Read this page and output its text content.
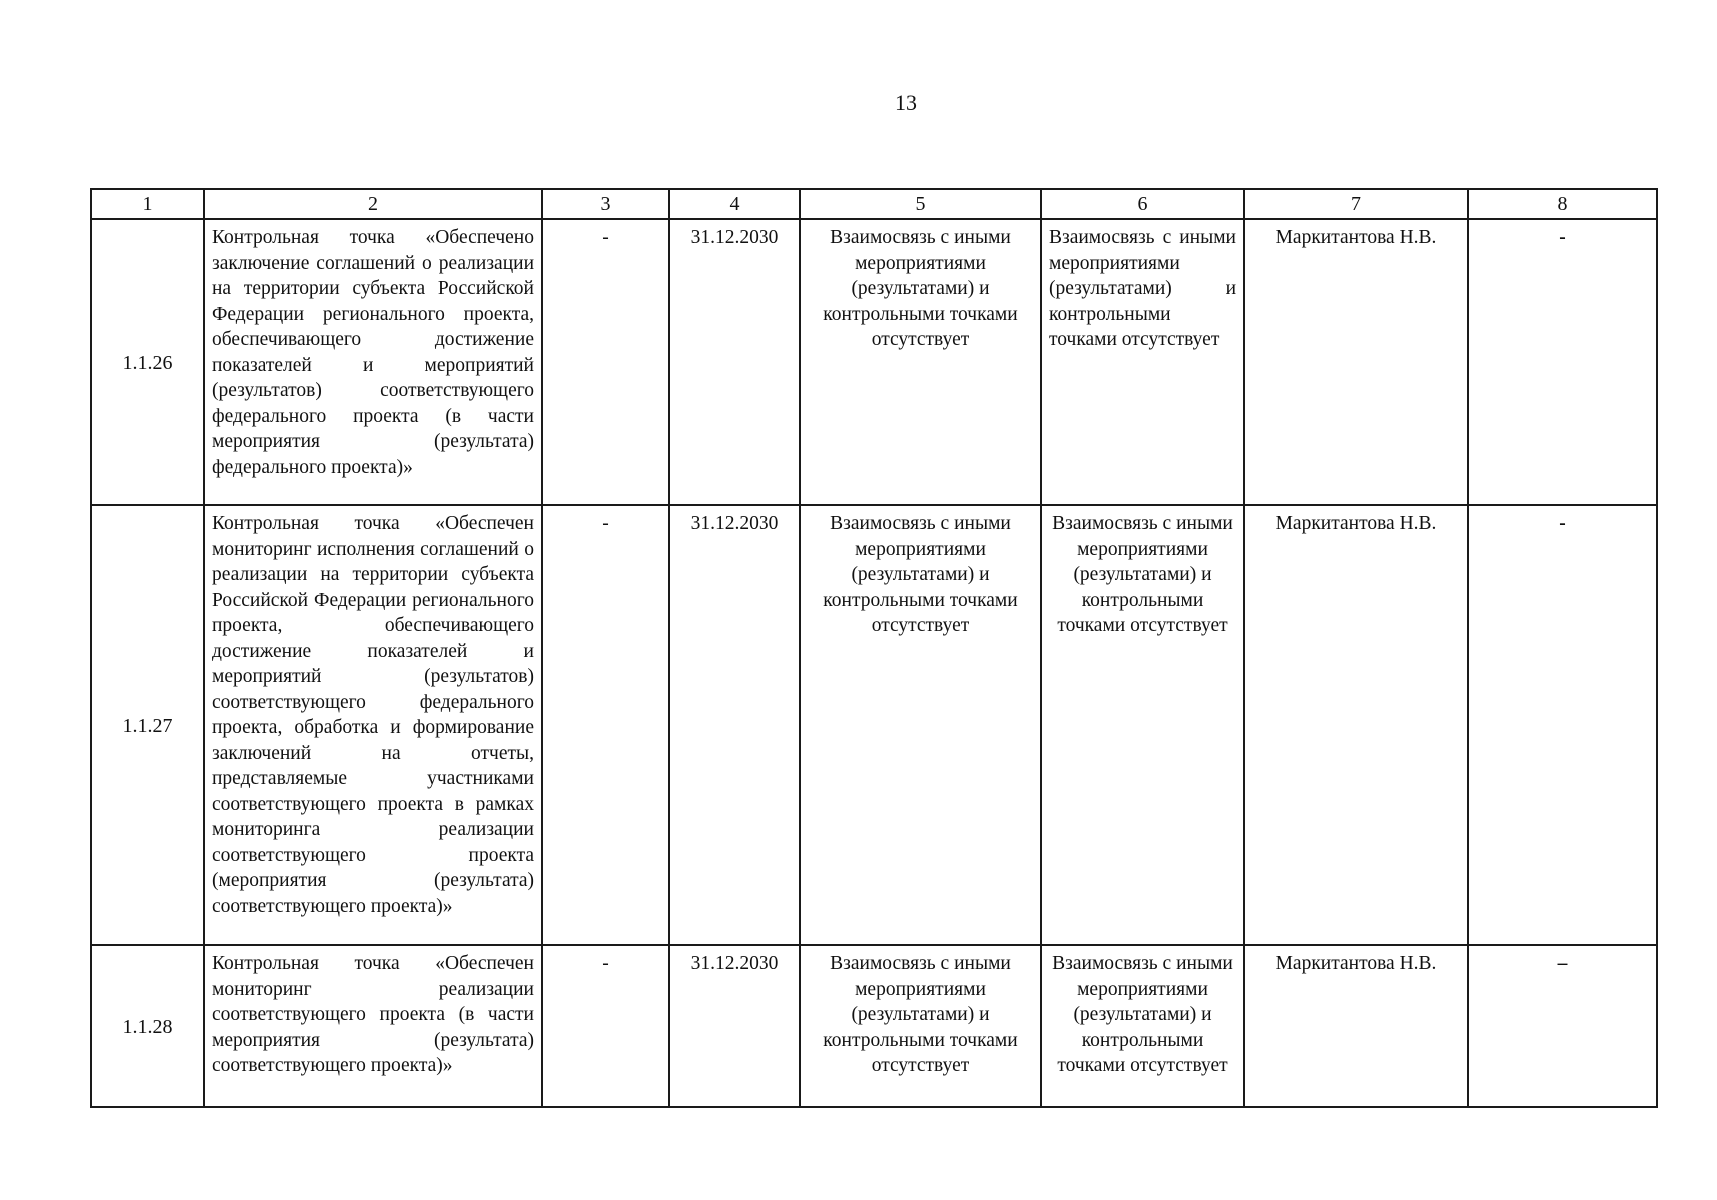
13
1	2	3	4	5	6	7	8
1.1.26	Контрольная точка «Обеспечено заключение соглашений о реализации на территории субъекта Российской Федерации регионального проекта, обеспечивающего достижение показателей и мероприятий (результатов) соответствующего федерального проекта (в части мероприятия (результата) федерального проекта)»	-	31.12.2030	Взаимосвязь с иными мероприятиями (результатами) и контрольными точками отсутствует	Взаимосвязь с иными мероприятиями (результатами) и контрольными точками отсутствует	Маркитантова Н.В.	-
1.1.27	Контрольная точка «Обеспечен мониторинг исполнения соглашений о реализации на территории субъекта Российской Федерации регионального проекта, обеспечивающего достижение показателей и мероприятий (результатов) соответствующего федерального проекта, обработка и формирование заключений на отчеты, представляемые участниками соответствующего проекта в рамках мониторинга реализации соответствующего проекта (мероприятия (результата) соответствующего проекта)»	-	31.12.2030	Взаимосвязь с иными мероприятиями (результатами) и контрольными точками отсутствует	Взаимосвязь с иными мероприятиями (результатами) и контрольными точками отсутствует	Маркитантова Н.В.	-
1.1.28	Контрольная точка «Обеспечен мониторинг реализации соответствующего проекта (в части мероприятия (результата) соответствующего проекта)»	-	31.12.2030	Взаимосвязь с иными мероприятиями (результатами) и контрольными точками отсутствует	Взаимосвязь с иными мероприятиями (результатами) и контрольными точками отсутствует	Маркитантова Н.В.	–
